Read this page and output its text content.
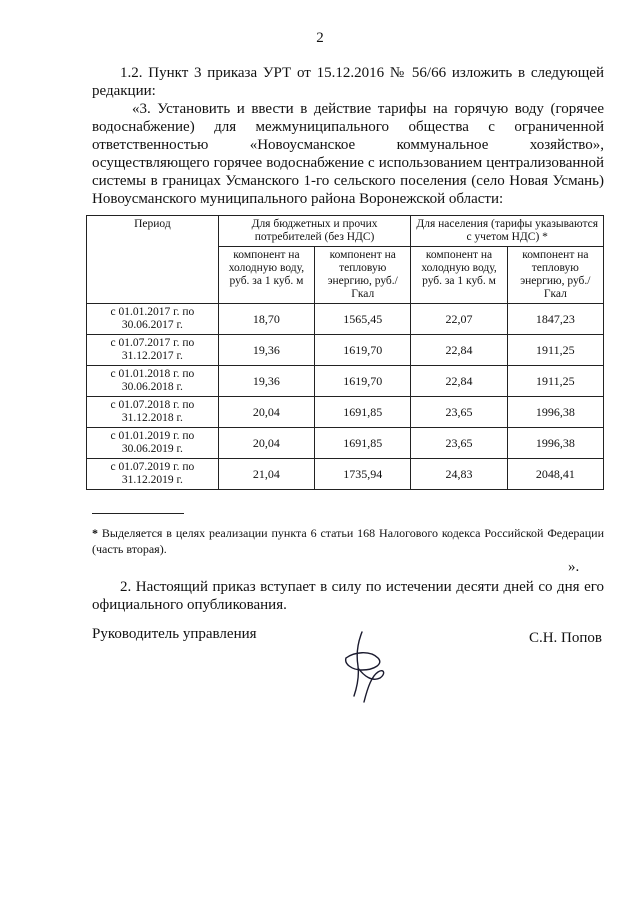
2

1.2. Пункт 3 приказа УРТ от 15.12.2016 № 56/66 изложить в следующей редакции:

«3. Установить и ввести в действие тарифы на горячую воду (горячее водоснабжение) для межмуниципального общества с ограниченной ответственностью «Новоусманское коммунальное хозяйство», осуществляющего горячее водоснабжение с использованием централизованной системы в границах Усманского 1-го сельского поселения (село Новая Усмань) Новоусманского муниципального района Воронежской области:

Период	Для бюджетных и прочих потребителей (без НДС)		Для населения (тарифы указываются с учетом НДС) *	
	компонент на холодную воду, руб. за 1 куб. м	компонент на тепловую энергию, руб./Гкал	компонент на холодную воду, руб. за 1 куб. м	компонент на тепловую энергию, руб./Гкал
с 01.01.2017 г. по 30.06.2017 г.	18,70	1565,45	22,07	1847,23
с 01.07.2017 г. по 31.12.2017 г.	19,36	1619,70	22,84	1911,25
с 01.01.2018 г. по 30.06.2018 г.	19,36	1619,70	22,84	1911,25
с 01.07.2018 г. по 31.12.2018 г.	20,04	1691,85	23,65	1996,38
с 01.01.2019 г. по 30.06.2019 г.	20,04	1691,85	23,65	1996,38
с 01.07.2019 г. по 31.12.2019 г.	21,04	1735,94	24,83	2048,41
* Выделяется в целях реализации пункта 6 статьи 168 Налогового кодекса Российской Федерации (часть вторая).
».

2. Настоящий приказ вступает в силу по истечении десяти дней со дня его официального опубликования.

Руководитель управления	С.Н. Попов
